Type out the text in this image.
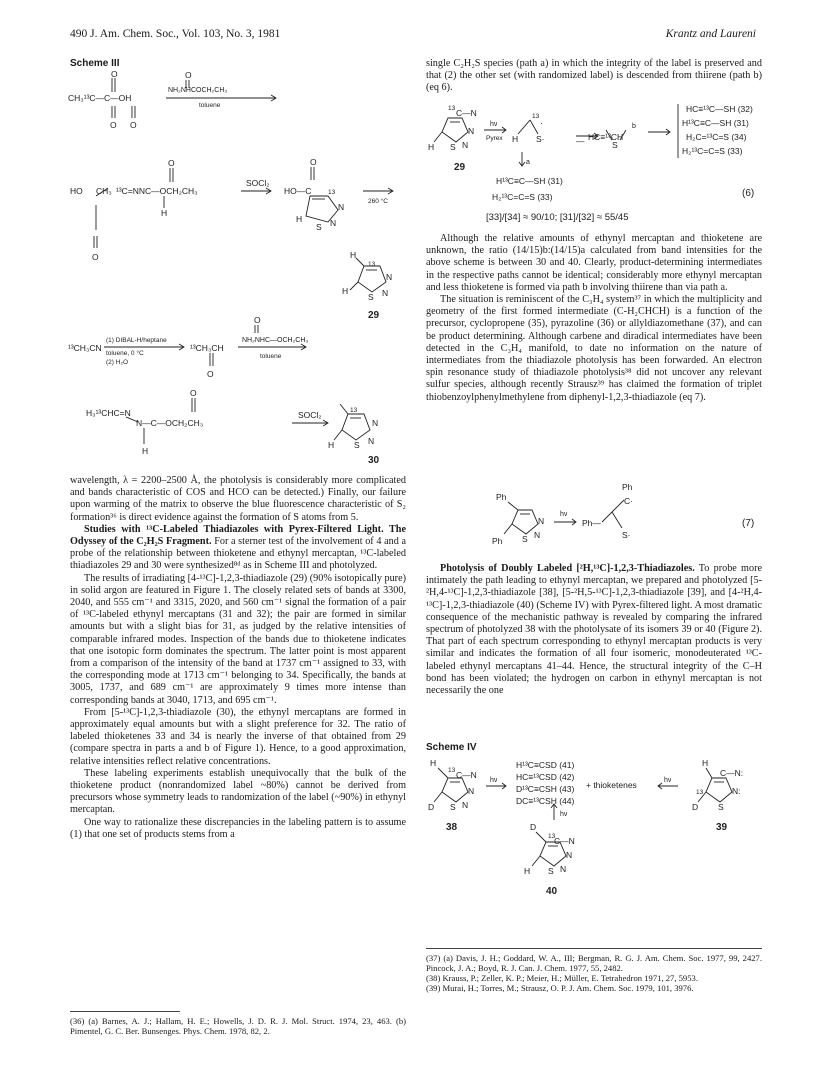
490 J. Am. Chem. Soc., Vol. 103, No. 3, 1981	Krantz and Laureni
Scheme III
O
CH₃¹³C—C—OH
O O
O
NH₂NHCOCH₂CH₃
toluene
O
HO CH₃ ¹³C=NNC—OCH₂CH₃
H
O
SOCl₂
O
HO—C	13
N
N
S
H
260 °C
H
13
N
N
S
H
29
¹³CH₃CN
(1) DIBAL-H/heptane
toluene, 0 °C
(2) H₂O
¹³CH₃CH
O
O
NH₂NHC—OCH₂CH₃
toluene
O
H₃¹³CHC=N
N—C—OCH₂CH₃
H
SOCl₂	13
N
N
S
H
30

wavelength, λ = 2200–2500 Å, the photolysis is considerably more complicated and bands characteristic of COS and HCO can be detected.) Finally, our failure upon warming of the matrix to observe the blue fluorescence characteristic of S₂ formation³⁶ is direct evidence against the formation of S atoms from 5.

Studies with ¹³C-Labeled Thiadiazoles with Pyrex-Filtered Light. The Odyssey of the C₂H₂S Fragment. For a sterner test of the involvement of 4 and a probe of the relationship between thioketene and ethynyl mercaptan, ¹³C-labeled thiadiazoles 29 and 30 were synthesized⁸ᵈ as in Scheme III and photolyzed.

The results of irradiating [4-¹³C]-1,2,3-thiadiazole (29) (90% isotopically pure) in solid argon are featured in Figure 1. The closely related sets of bands at 3300, 2040, and 555 cm⁻¹ and 3315, 2020, and 560 cm⁻¹ signal the formation of a pair of ¹³C-labeled ethynyl mercaptans (31 and 32); the pair are formed in similar amounts but with a slight bias for 31, as judged by the relative intensities of comparable infrared modes. Inspection of the bands due to thioketene indicates that one isotopic form dominates the spectrum. The latter point is most apparent from a comparison of the intensity of the band at 1737 cm⁻¹ assigned to 33, with the corresponding mode at 1713 cm⁻¹ belonging to 34. Specifically, the bands at 3005, 1737, and 689 cm⁻¹ are approximately 9 times more intense than corresponding bands at 3040, 1713, and 695 cm⁻¹.

From [5-¹³C]-1,2,3-thiadiazole (30), the ethynyl mercaptans are formed in approximately equal amounts but with a slight preference for 32. The ratio of labeled thioketenes 33 and 34 is nearly the inverse of that obtained from 29 (compare spectra in parts a and b of Figure 1). Hence, to a good approximation, relative intensities reflect relative concentrations.

These labeling experiments establish unequivocally that the bulk of the thioketene product (nonrandomized label ~80%) cannot be derived from precursors whose symmetry leads to randomization of the label (~90%) in ethynyl mercaptan.

One way to rationalize these discrepancies in the labeling pattern is to assume (1) that one set of products stems from a

(36) (a) Barnes, A. J.; Hallam, H. E.; Howells, J. D. R. J. Mol. Struct. 1974, 23, 463. (b) Pimentel, G. C. Ber. Bunsenges. Phys. Chem. 1978, 82, 2.

single C₂H₂S species (path a) in which the integrity of the label is preserved and that (2) the other set (with randomized label) is descended from thiirene (path b) (eq 6).

13 C—N
N
N
S
H
29
hν
Pyrex
13
·
H S·	— HC≡¹³CH
S
b
a
HC≡¹³C—SH (32)
H¹³C≡C—SH (31)
H₂C=¹³C=S (34)
H₂¹³C=C=S (33)
H¹³C≡C—SH (31)
H₂¹³C=C=S (33)
[33]/[34] ≈ 90/10; [31]/[32] ≈ 55/45
(6)

Although the relative amounts of ethynyl mercaptan and thioketene are unknown, the ratio (14/15)b:(14/15)a calculated from band intensities for the above scheme is between 30 and 40. Clearly, product-determining intermediates in the respective paths cannot be identical; considerably more ethynyl mercaptan and less thioketene is formed via path b involving thiirene than via path a.

The situation is reminiscent of the C₃H₄ system³⁷ in which the multiplicity and geometry of the first formed intermediate (C-H₂CHCH) is a function of the precursor, cyclopropene (35), pyrazoline (36) or allyldiazomethane (37), and can be product determining. Although carbene and diradical intermediates have been detected in the C₃H₄ manifold, to date no information on the nature of intermediates from the thiadiazole photolysis has been forwarded. An electron spin resonance study of thiadiazole photolysis³⁸ did not uncover any relevant sulfur species, although recently Strausz³⁹ has claimed the formation of triplet thiobenzoylphenylmethylene from diphenyl-1,2,3-thiadiazole (eq 7).

Ph
N
N
S
Ph
hν
Ph—
Ph
C·
S·
(7)

Photolysis of Doubly Labeled [²H,¹³C]-1,2,3-Thiadiazoles. To probe more intimately the path leading to ethynyl mercaptan, we prepared and photolyzed [5-²H,4-¹³C]-1,2,3-thiadiazole [38], [5-²H,5-¹³C]-1,2,3-thiadiazole [39], and [4-²H,4-¹³C]-1,2,3-thiadiazole (40) (Scheme IV) with Pyrex-filtered light. A most dramatic consequence of the mechanistic pathway is revealed by comparing the infrared spectrum of photolyzed 38 with the photolysate of its isomers 39 or 40 (Figure 2). That part of each spectrum corresponding to ethynyl mercaptan products is very similar and indicates the formation of all four isomeric, monodeuterated ¹³C-labeled ethynyl mercaptans 41–44. Hence, the structural integrity of the C–H bond has been violated; the hydrogen on carbon in ethynyl mercaptan is not necessarily the one

Scheme IV
H
13 C—N
N
N
S
D
38
hν
H¹³C≡CSD (41)
HC≡¹³CSD (42)
D¹³C≡CSH (43)
DC≡¹³CSH (44)
+ thioketenes	hν
H
C—N:
N:
13
S
D
39
hν
D
13
C—N
N
N
S
H
40
(37) (a) Davis, J. H.; Goddard, W. A., III; Bergman, R. G. J. Am. Chem. Soc. 1977, 99, 2427. Pincock, J. A.; Boyd, R. J. Can. J. Chem. 1977, 55, 2482.
(38) Krauss, P.; Zeller, K. P.; Meier, H.; Müller, E. Tetrahedron 1971, 27, 5953.
(39) Murai, H.; Torres, M.; Strausz, O. P. J. Am. Chem. Soc. 1979, 101, 3976.
